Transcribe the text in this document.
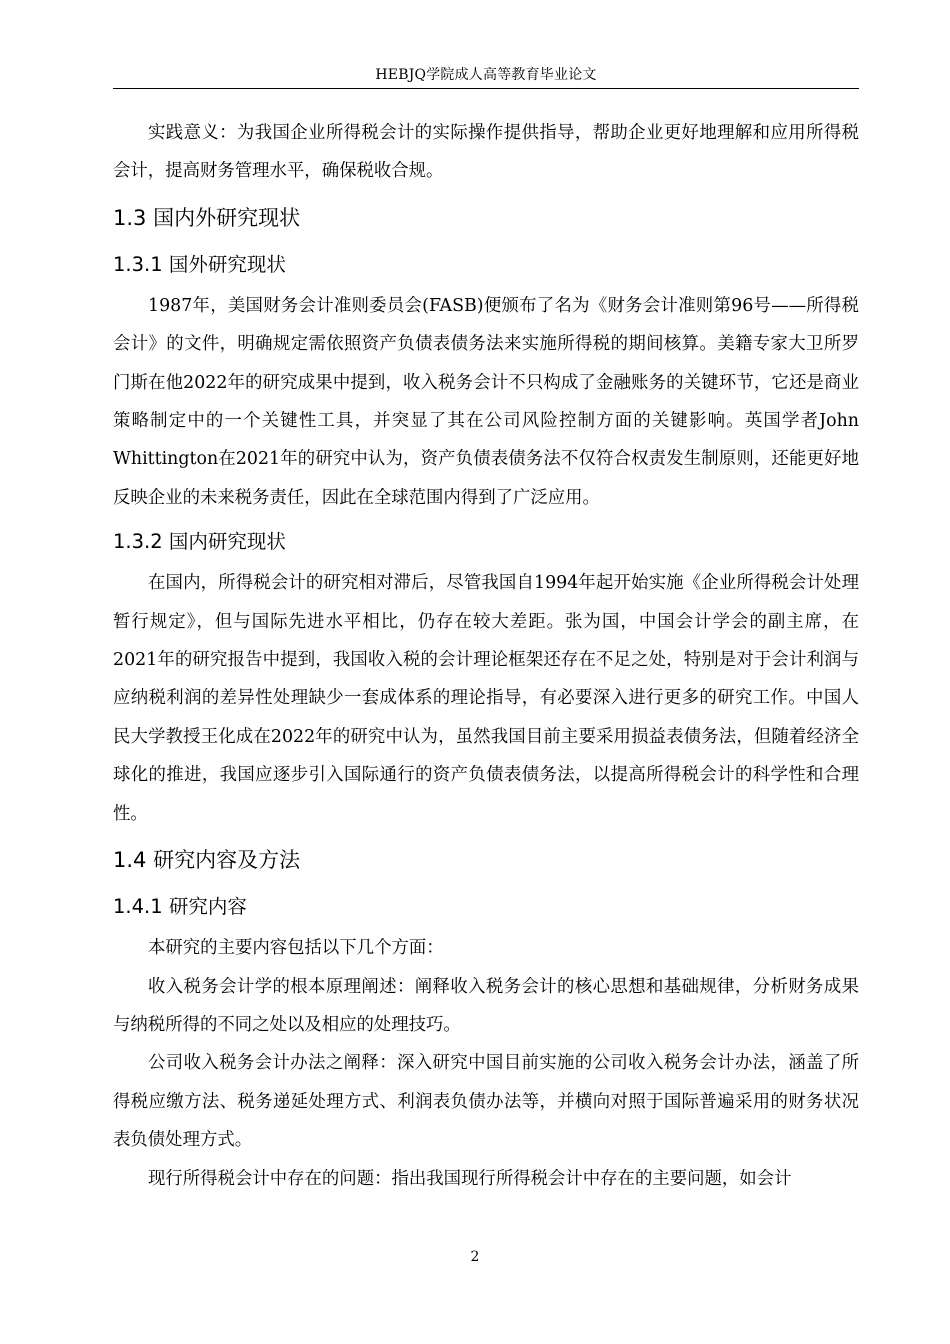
HEBJQ学院成人高等教育毕业论文

实践意义：为我国企业所得税会计的实际操作提供指导，帮助企业更好地理解和应用所得税会计，提高财务管理水平，确保税收合规。

1.3 国内外研究现状
1.3.1 国外研究现状

1987年，美国财务会计准则委员会(FASB)便颁布了名为《财务会计准则第96号——所得税会计》的文件，明确规定需依照资产负债表债务法来实施所得税的期间核算。美籍专家大卫所罗门斯在他2022年的研究成果中提到，收入税务会计不只构成了金融账务的关键环节，它还是商业策略制定中的一个关键性工具，并突显了其在公司风险控制方面的关键影响。英国学者John Whittington在2021年的研究中认为，资产负债表债务法不仅符合权责发生制原则，还能更好地反映企业的未来税务责任，因此在全球范围内得到了广泛应用。

1.3.2 国内研究现状

在国内，所得税会计的研究相对滞后，尽管我国自1994年起开始实施《企业所得税会计处理暂行规定》，但与国际先进水平相比，仍存在较大差距。张为国，中国会计学会的副主席，在2021年的研究报告中提到，我国收入税的会计理论框架还存在不足之处，特别是对于会计利润与应纳税利润的差异性处理缺少一套成体系的理论指导，有必要深入进行更多的研究工作。中国人民大学教授王化成在2022年的研究中认为，虽然我国目前主要采用损益表债务法，但随着经济全球化的推进，我国应逐步引入国际通行的资产负债表债务法，以提高所得税会计的科学性和合理性。

1.4 研究内容及方法
1.4.1 研究内容

本研究的主要内容包括以下几个方面：

收入税务会计学的根本原理阐述：阐释收入税务会计的核心思想和基础规律，分析财务成果与纳税所得的不同之处以及相应的处理技巧。

公司收入税务会计办法之阐释：深入研究中国目前实施的公司收入税务会计办法，涵盖了所得税应缴方法、税务递延处理方式、利润表负债办法等，并横向对照于国际普遍采用的财务状况表负债处理方式。

现行所得税会计中存在的问题：指出我国现行所得税会计中存在的主要问题，如会计

2
